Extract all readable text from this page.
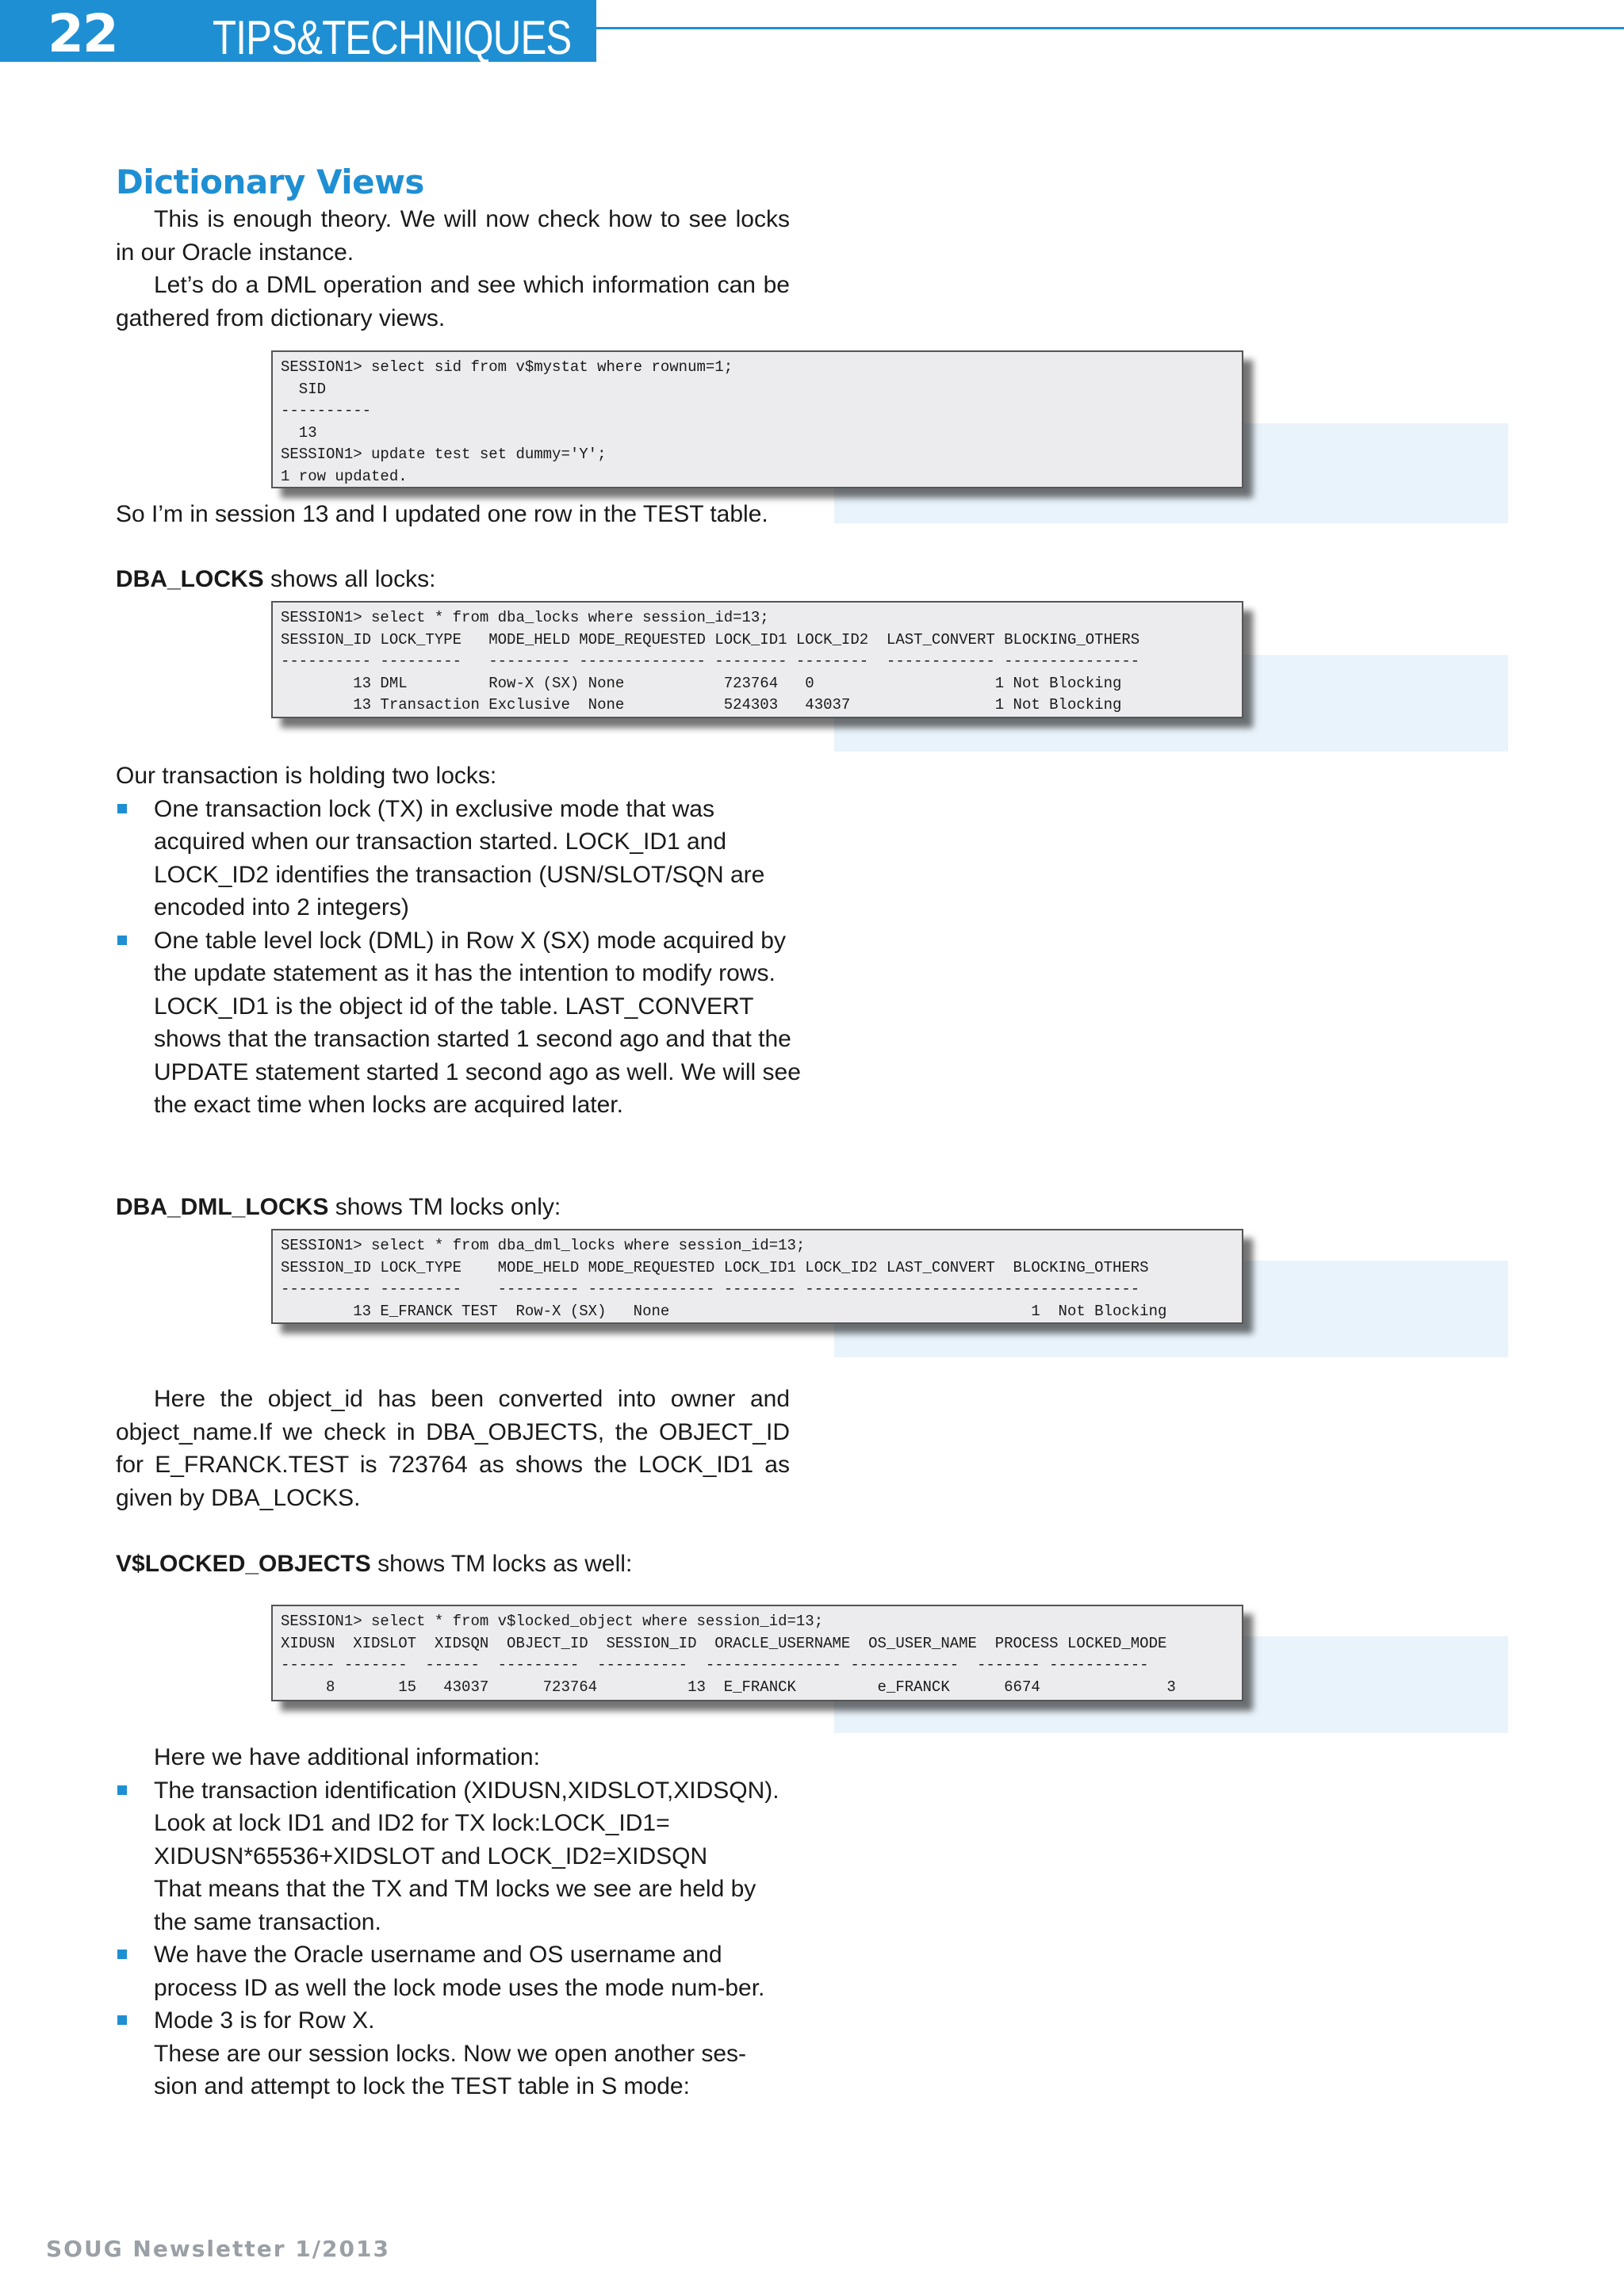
22 TIPS&TECHNIQUES
Dictionary Views
This is enough theory. We will now check how to see locks in our Oracle instance.
Let’s do a DML operation and see which information can be gathered from dictionary views.
SESSION1> select sid from v$mystat where rownum=1;
SID
----------
13
SESSION1> update test set dummy='Y';
1 row updated.
So I’m in session 13 and I updated one row in the TEST table.
DBA_LOCKS shows all locks:
SESSION1> select * from dba_locks where session_id=13;
SESSION_ID LOCK_TYPE   MODE_HELD MODE_REQUESTED LOCK_ID1 LOCK_ID2  LAST_CONVERT BLOCKING_OTHERS
---------- ---------   --------- -------------- -------- --------  ------------ ---------------
13 DML         Row-X (SX) None           723764   0                    1 Not Blocking
13 Transaction Exclusive  None           524303   43037                1 Not Blocking
Our transaction is holding two locks:
One transaction lock (TX) in exclusive mode that was acquired when our transaction started. LOCK_ID1 and LOCK_ID2 identifies the transaction (USN/SLOT/SQN are encoded into 2 integers)
One table level lock (DML) in Row X (SX) mode acquired by the update statement as it has the intention to modify rows. LOCK_ID1 is the object id of the table. LAST_CONVERT shows that the transaction started 1 second ago and that the UPDATE statement started 1 second ago as well. We will see the exact time when locks are acquired later.
DBA_DML_LOCKS shows TM locks only:
SESSION1> select * from dba_dml_locks where session_id=13;
SESSION_ID LOCK_TYPE    MODE_HELD MODE_REQUESTED LOCK_ID1 LOCK_ID2 LAST_CONVERT  BLOCKING_OTHERS
---------- ---------    --------- -------------- -------- -------------------------------------
13 E_FRANCK TEST  Row-X (SX)   None                                        1  Not Blocking
Here the object_id has been converted into owner and object_name.If we check in DBA_OBJECTS, the OBJECT_ID for E_FRANCK.TEST is 723764 as shows the LOCK_ID1 as given by DBA_LOCKS.
V$LOCKED_OBJECTS shows TM locks as well:
SESSION1> select * from v$locked_object where session_id=13;
XIDUSN  XIDSLOT  XIDSQN  OBJECT_ID  SESSION_ID  ORACLE_USERNAME  OS_USER_NAME  PROCESS LOCKED_MODE
------ -------  ------  ---------  ----------  --------------- ------------  ------- -----------
8       15   43037      723764          13  E_FRANCK         e_FRANCK      6674              3
Here we have additional information:
The transaction identification (XIDUSN,XIDSLOT,XIDSQN). Look at lock ID1 and ID2 for TX lock:LOCK_ID1= XIDUSN*65536+XIDSLOT and LOCK_ID2=XIDSQN
That means that the TX and TM locks we see are held by the same transaction.
We have the Oracle username and OS username and process ID as well the lock mode uses the mode num-ber.
Mode 3 is for Row X.
These are our session locks. Now we open another ses-sion and attempt to lock the TEST table in S mode:
SOUG Newsletter 1/2013
